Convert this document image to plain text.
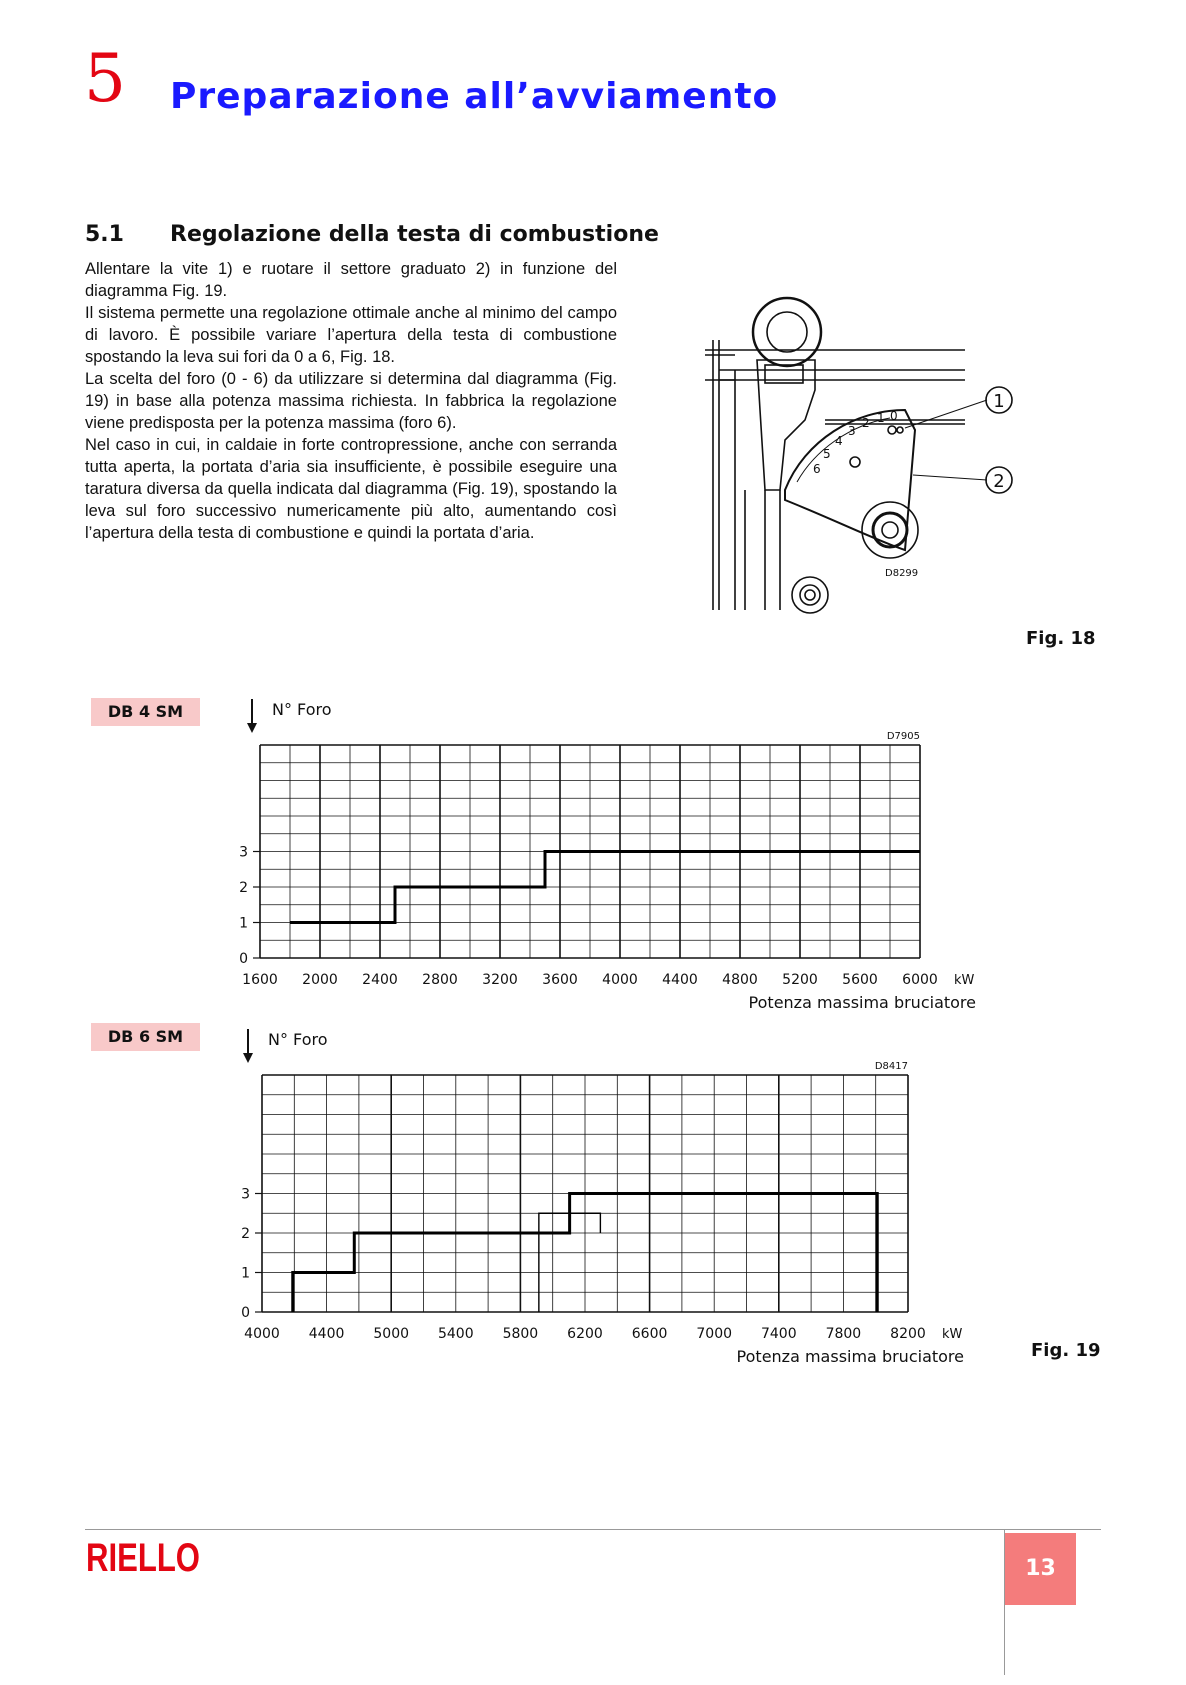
5 Preparazione all’avviamento
5.1 Regolazione della testa di combustione

Allentare la vite 1) e ruotare il settore graduato 2) in funzione del diagramma Fig. 19.

Il sistema permette una regolazione ottimale anche al minimo del campo di lavoro. È possibile variare l’apertura della testa di combustione spostando la leva sui fori da 0 a 6, Fig. 18.

La scelta del foro (0 - 6) da utilizzare si determina dal diagramma (Fig. 19) in base alla potenza massima richiesta. In fabbrica la regolazione viene predisposta per la potenza massima (foro 6).

Nel caso in cui, in caldaie in forte contropressione, anche con serranda tutta aperta, la portata d’aria sia insufficiente, è possibile eseguire una taratura diversa da quella indicata dal diagramma (Fig. 19), spostando la leva sul foro successivo numericamente più alto, aumentando così l’apertura della testa di combustione e quindi la portata d’aria.

1
2
0
1
2
3
4
5
6
D8299
Fig. 18
DB 4 SM	N° Foro
D7905
0
1
2
3
1600 2000 2400 2800 3200 3600 4000 4400 4800 5200 5600 6000 kW
Potenza massima bruciatore
DB 6 SM	N° Foro
D8417
0
1
2
3
4000 4400 5000 5400 5800 6200 6600 7000 7400 7800 8200 kW
Potenza massima bruciatore	Fig. 19
RIELLO	13
